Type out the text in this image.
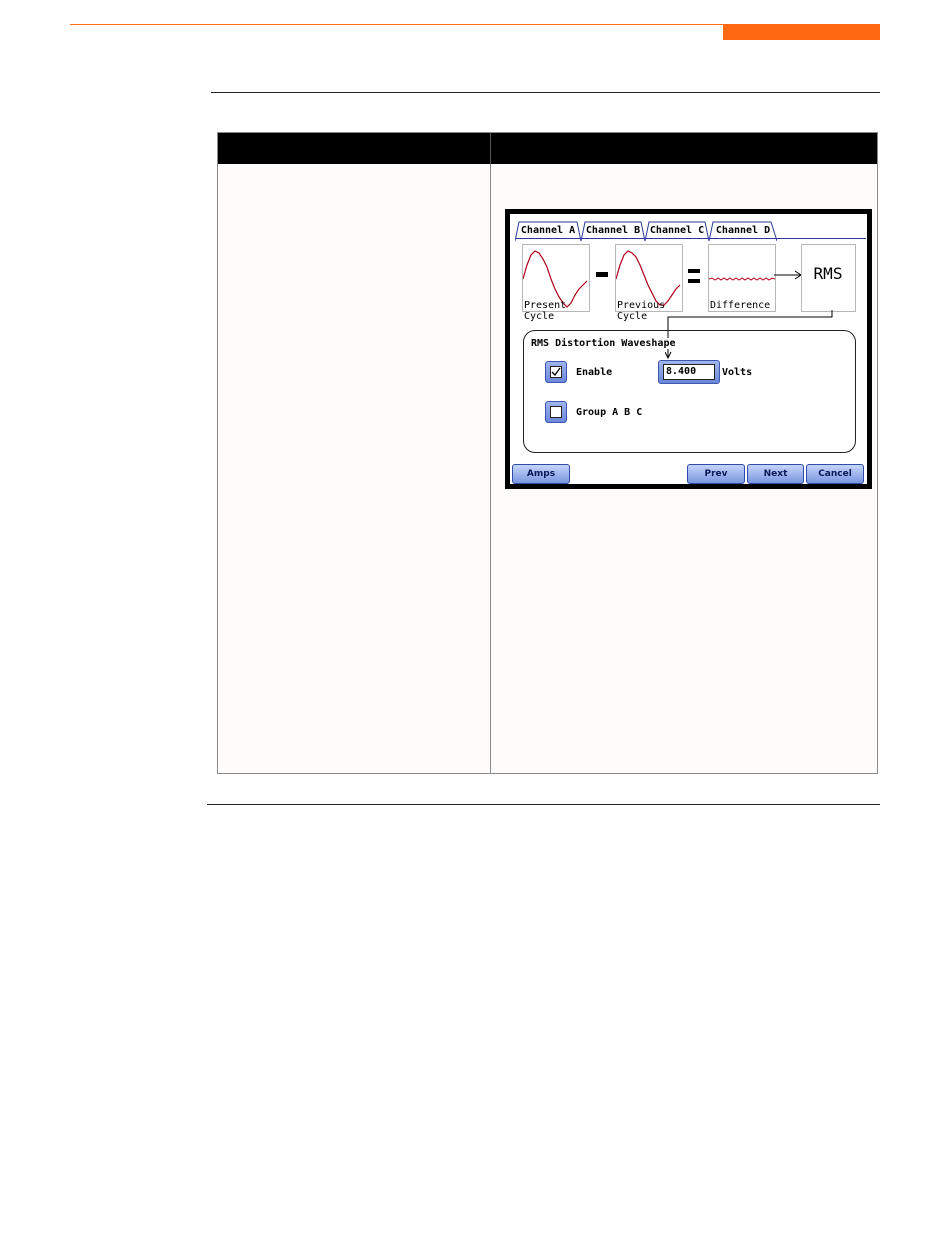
Channel A	Channel B Channel C	Channel D
Present
Cycle
Previous
Cycle
Difference
RMS
RMS Distortion Waveshape
Enable	8.400	Volts
Group A B C
Amps	Prev	Next	Cancel
